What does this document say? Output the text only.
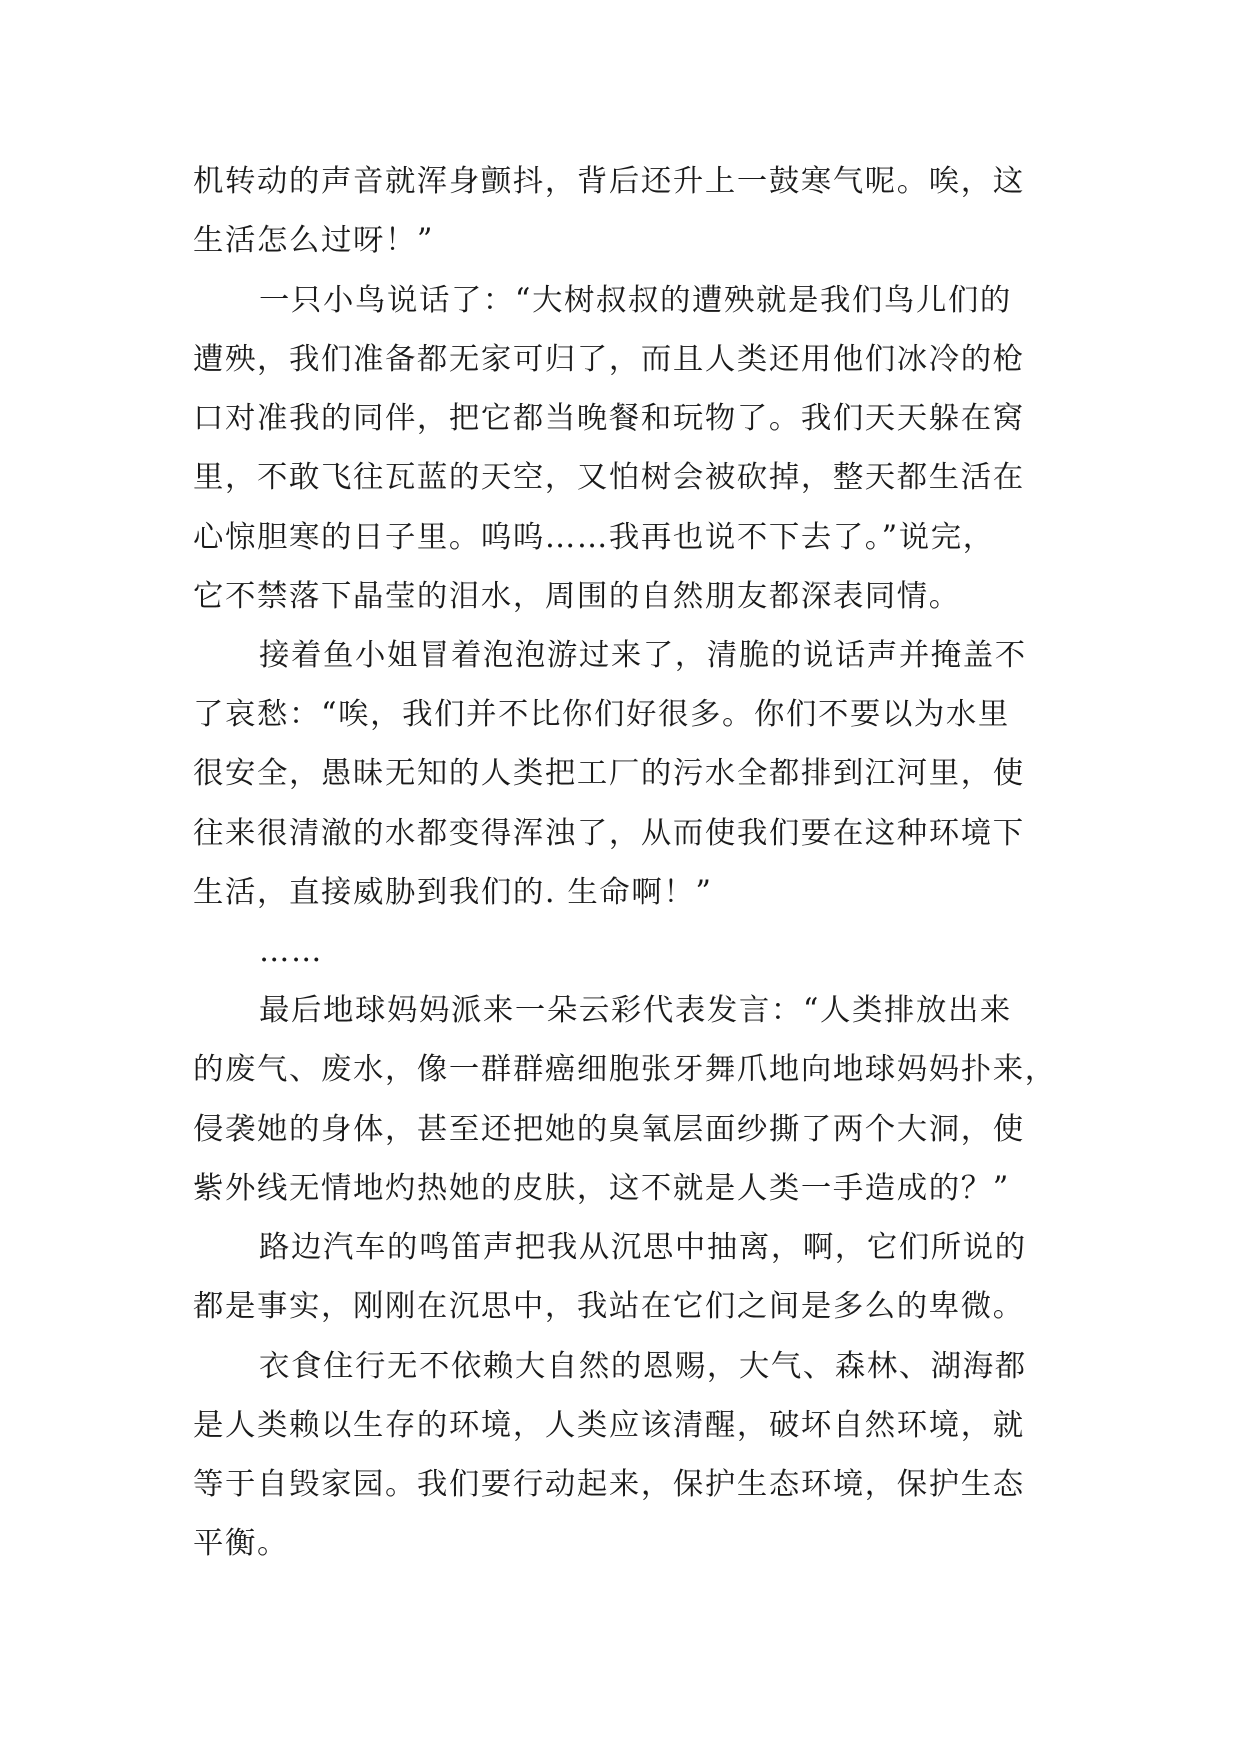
机转动的声音就浑身颤抖，背后还升上一鼓寒气呢。唉，这
生活怎么过呀！”
一只小鸟说话了：“大树叔叔的遭殃就是我们鸟儿们的
遭殃，我们准备都无家可归了，而且人类还用他们冰冷的枪
口对准我的同伴，把它都当晚餐和玩物了。我们天天躲在窝
里，不敢飞往瓦蓝的天空，又怕树会被砍掉，整天都生活在
心惊胆寒的日子里。呜呜……我再也说不下去了。”说完，
它不禁落下晶莹的泪水，周围的自然朋友都深表同情。
接着鱼小姐冒着泡泡游过来了，清脆的说话声并掩盖不
了哀愁：“唉，我们并不比你们好很多。你们不要以为水里
很安全，愚昧无知的人类把工厂的污水全都排到江河里，使
往来很清澈的水都变得浑浊了，从而使我们要在这种环境下
生活，直接威胁到我们的. 生命啊！”
……
最后地球妈妈派来一朵云彩代表发言：“人类排放出来
的废气、废水，像一群群癌细胞张牙舞爪地向地球妈妈扑来，
侵袭她的身体，甚至还把她的臭氧层面纱撕了两个大洞，使
紫外线无情地灼热她的皮肤，这不就是人类一手造成的？”
路边汽车的鸣笛声把我从沉思中抽离，啊，它们所说的
都是事实，刚刚在沉思中，我站在它们之间是多么的卑微。
衣食住行无不依赖大自然的恩赐，大气、森林、湖海都
是人类赖以生存的环境，人类应该清醒，破坏自然环境，就
等于自毁家园。我们要行动起来，保护生态环境，保护生态
平衡。
